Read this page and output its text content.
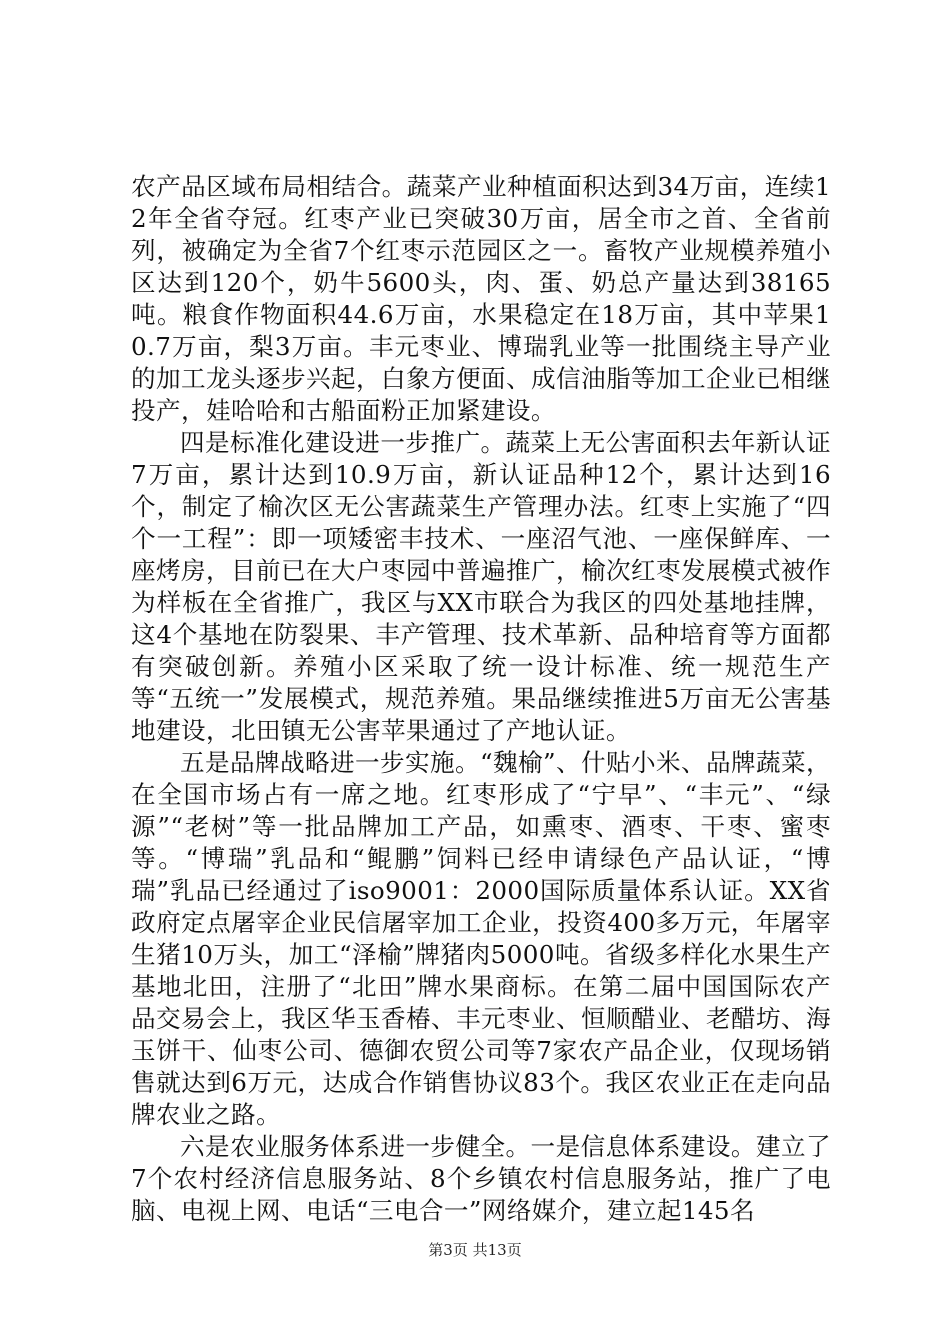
农产品区域布局相结合。蔬菜产业种植面积达到34万亩，连续12年全省夺冠。红枣产业已突破30万亩，居全市之首、全省前列，被确定为全省7个红枣示范园区之一。畜牧产业规模养殖小区达到120个，奶牛5600头，肉、蛋、奶总产量达到38165吨。粮食作物面积44.6万亩，水果稳定在18万亩，其中苹果10.7万亩，梨3万亩。丰元枣业、博瑞乳业等一批围绕主导产业的加工龙头逐步兴起，白象方便面、成信油脂等加工企业已相继投产，娃哈哈和古船面粉正加紧建设。

四是标准化建设进一步推广。蔬菜上无公害面积去年新认证7万亩，累计达到10.9万亩，新认证品种12个，累计达到16个，制定了榆次区无公害蔬菜生产管理办法。红枣上实施了“四个一工程”：即一项矮密丰技术、一座沼气池、一座保鲜库、一座烤房，目前已在大户枣园中普遍推广，榆次红枣发展模式被作为样板在全省推广，我区与XX市联合为我区的四处基地挂牌，这4个基地在防裂果、丰产管理、技术革新、品种培育等方面都有突破创新。养殖小区采取了统一设计标准、统一规范生产等“五统一”发展模式，规范养殖。果品继续推进5万亩无公害基地建设，北田镇无公害苹果通过了产地认证。

五是品牌战略进一步实施。“魏榆”、什贴小米、品牌蔬菜，在全国市场占有一席之地。红枣形成了“宁早”、“丰元”、“绿源”“老树”等一批品牌加工产品，如熏枣、酒枣、干枣、蜜枣等。“博瑞”乳品和“鲲鹏”饲料已经申请绿色产品认证，“博瑞”乳品已经通过了iso9001：2000国际质量体系认证。XX省政府定点屠宰企业民信屠宰加工企业，投资400多万元，年屠宰生猪10万头，加工“泽榆”牌猪肉5000吨。省级多样化水果生产基地北田，注册了“北田”牌水果商标。在第二届中国国际农产品交易会上，我区华玉香椿、丰元枣业、恒顺醋业、老醋坊、海玉饼干、仙枣公司、德御农贸公司等7家农产品企业，仅现场销售就达到6万元，达成合作销售协议83个。我区农业正在走向品牌农业之路。

六是农业服务体系进一步健全。一是信息体系建设。建立了7个农村经济信息服务站、8个乡镇农村信息服务站，推广了电脑、电视上网、电话“三电合一”网络媒介，建立起145名

第3页 共13页
